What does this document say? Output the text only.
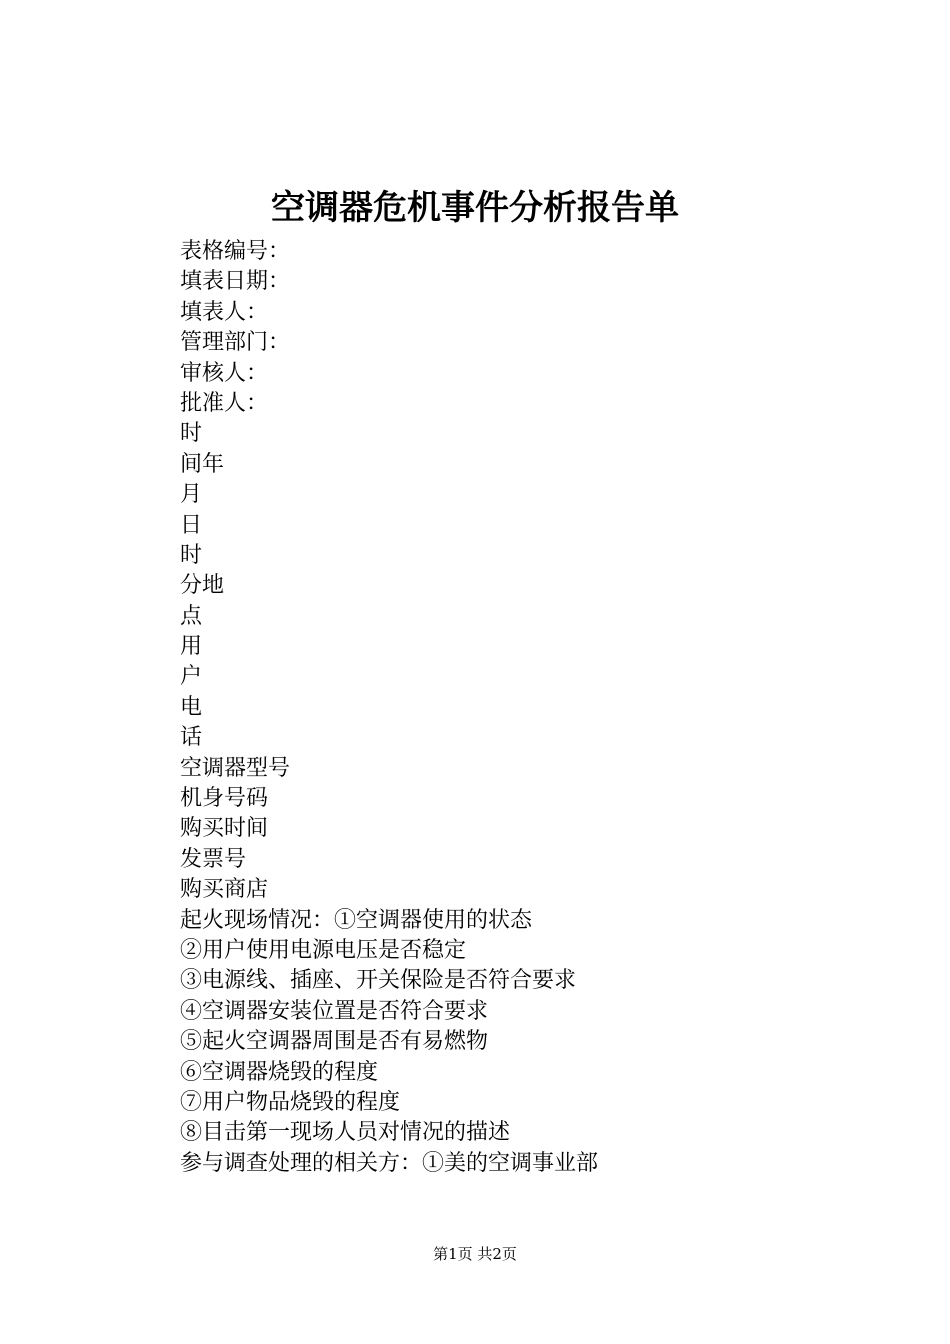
空调器危机事件分析报告单
表格编号：
填表日期：
填表人：
管理部门：
审核人：
批准人：
时
间年
月
日
时
分地
点
用
户
电
话
空调器型号
机身号码
购买时间
发票号
购买商店
起火现场情况：①空调器使用的状态
②用户使用电源电压是否稳定
③电源线、插座、开关保险是否符合要求
④空调器安装位置是否符合要求
⑤起火空调器周围是否有易燃物
⑥空调器烧毁的程度
⑦用户物品烧毁的程度
⑧目击第一现场人员对情况的描述
参与调查处理的相关方：①美的空调事业部
第1页 共2页
